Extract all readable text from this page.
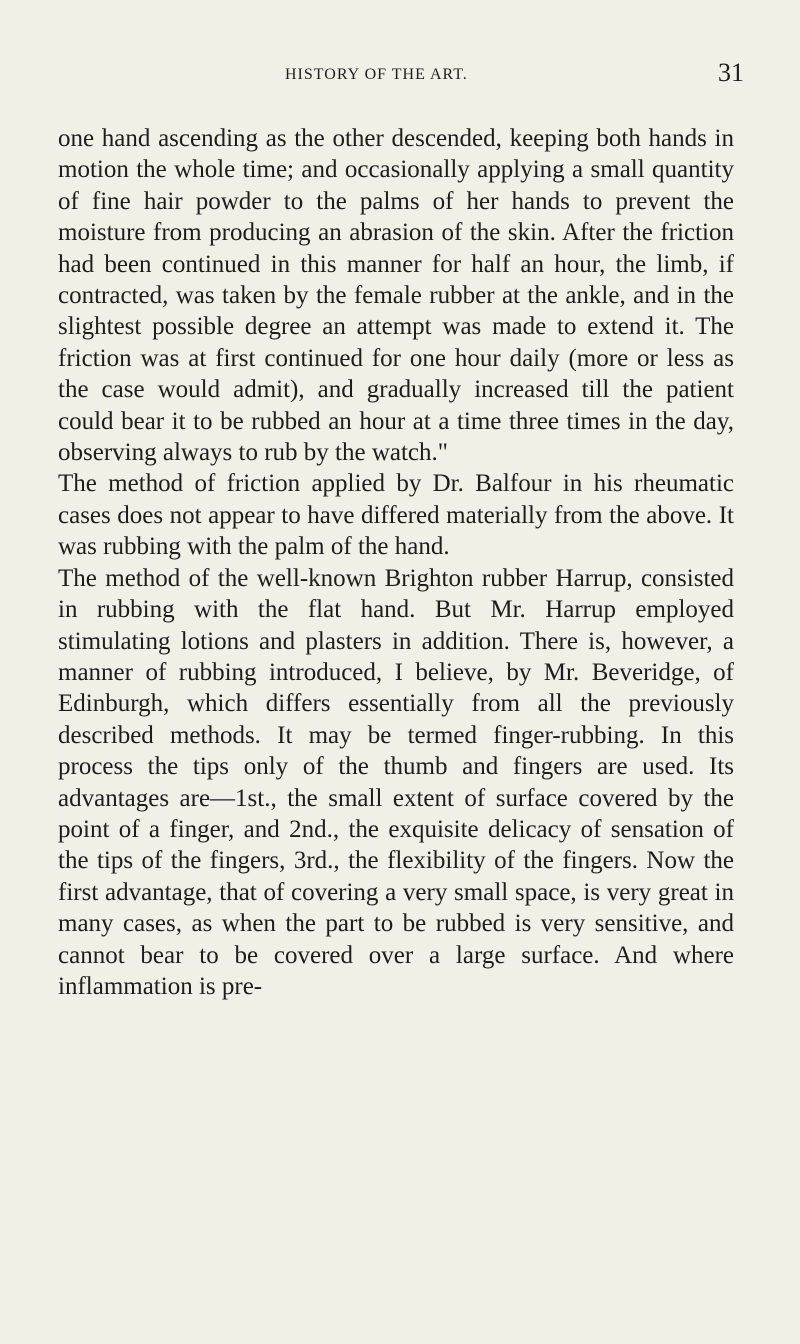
HISTORY OF THE ART.	31

one hand ascending as the other descended, keeping both hands in motion the whole time; and occasionally applying a small quantity of fine hair powder to the palms of her hands to prevent the moisture from producing an abrasion of the skin. After the friction had been continued in this manner for half an hour, the limb, if contracted, was taken by the female rubber at the ankle, and in the slightest possible degree an attempt was made to extend it. The friction was at first continued for one hour daily (more or less as the case would admit), and gradually increased till the patient could bear it to be rubbed an hour at a time three times in the day, observing always to rub by the watch."

The method of friction applied by Dr. Balfour in his rheumatic cases does not appear to have differed materially from the above. It was rubbing with the palm of the hand.

The method of the well-known Brighton rubber Harrup, consisted in rubbing with the flat hand. But Mr. Harrup employed stimulating lotions and plasters in addition. There is, however, a manner of rubbing introduced, I believe, by Mr. Beveridge, of Edinburgh, which differs essentially from all the previously described methods. It may be termed finger-rubbing. In this process the tips only of the thumb and fingers are used. Its advantages are—1st., the small extent of surface covered by the point of a finger, and 2nd., the exquisite delicacy of sensation of the tips of the fingers, 3rd., the flexibility of the fingers. Now the first advantage, that of covering a very small space, is very great in many cases, as when the part to be rubbed is very sensitive, and cannot bear to be covered over a large surface. And where inflammation is pre-
